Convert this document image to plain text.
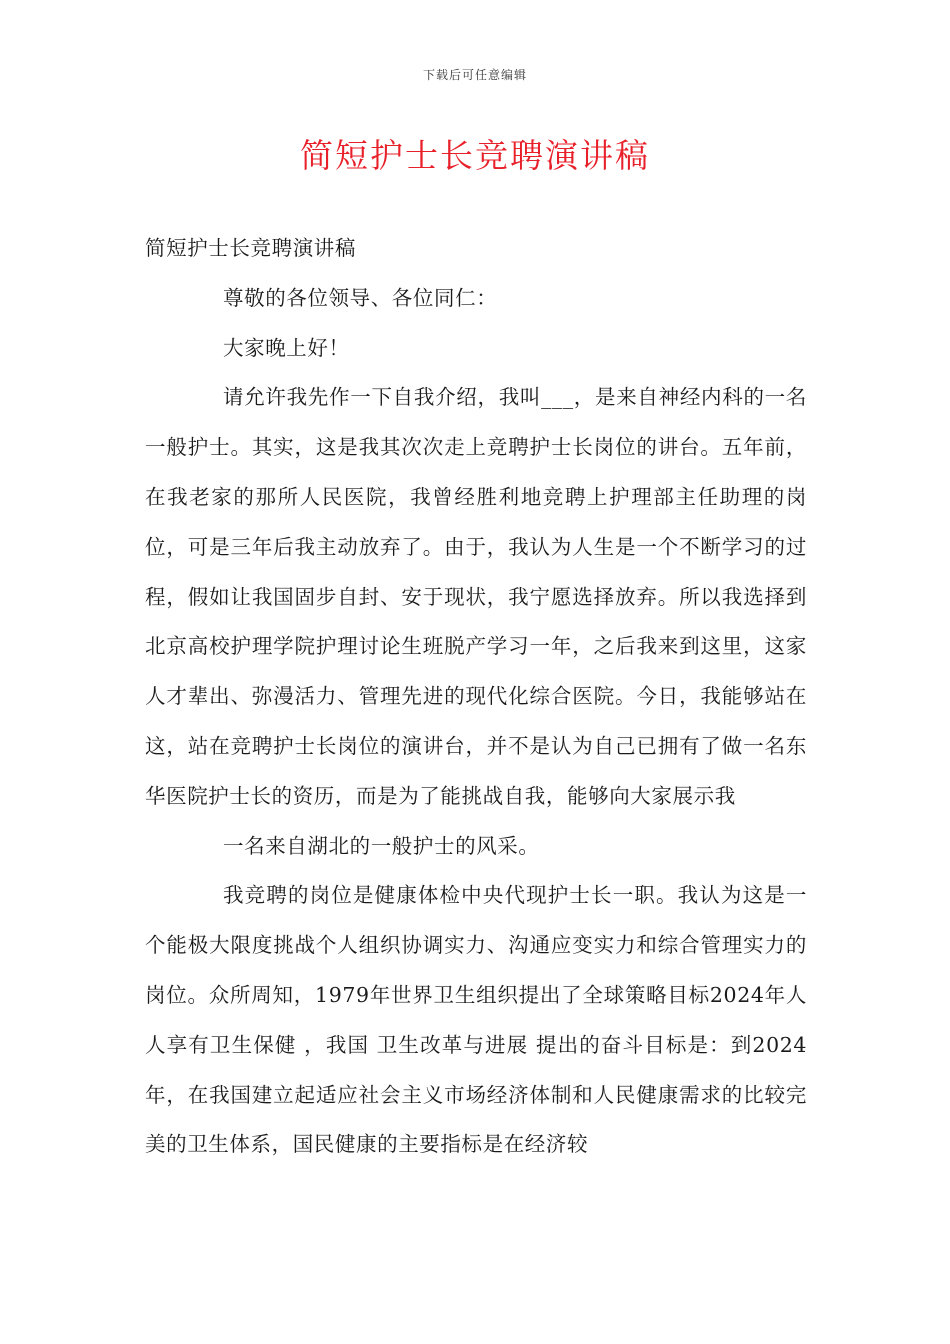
下载后可任意编辑
简短护士长竞聘演讲稿

简短护士长竞聘演讲稿

尊敬的各位领导、各位同仁：

大家晚上好！

请允许我先作一下自我介绍，我叫___，是来自神经内科的一名一般护士。其实，这是我其次次走上竞聘护士长岗位的讲台。五年前，在我老家的那所人民医院，我曾经胜利地竞聘上护理部主任助理的岗位，可是三年后我主动放弃了。由于，我认为人生是一个不断学习的过程，假如让我国固步自封、安于现状，我宁愿选择放弃。所以我选择到北京高校护理学院护理讨论生班脱产学习一年，之后我来到这里，这家人才辈出、弥漫活力、管理先进的现代化综合医院。今日，我能够站在这，站在竞聘护士长岗位的演讲台，并不是认为自己已拥有了做一名东华医院护士长的资历，而是为了能挑战自我，能够向大家展示我

一名来自湖北的一般护士的风采。

我竞聘的岗位是健康体检中央代现护士长一职。我认为这是一个能极大限度挑战个人组织协调实力、沟通应变实力和综合管理实力的岗位。众所周知，1979年世界卫生组织提出了全球策略目标2024年人人享有卫生保健 ，我国 卫生改革与进展 提出的奋斗目标是：到2024年，在我国建立起适应社会主义市场经济体制和人民健康需求的比较完美的卫生体系，国民健康的主要指标是在经济较
